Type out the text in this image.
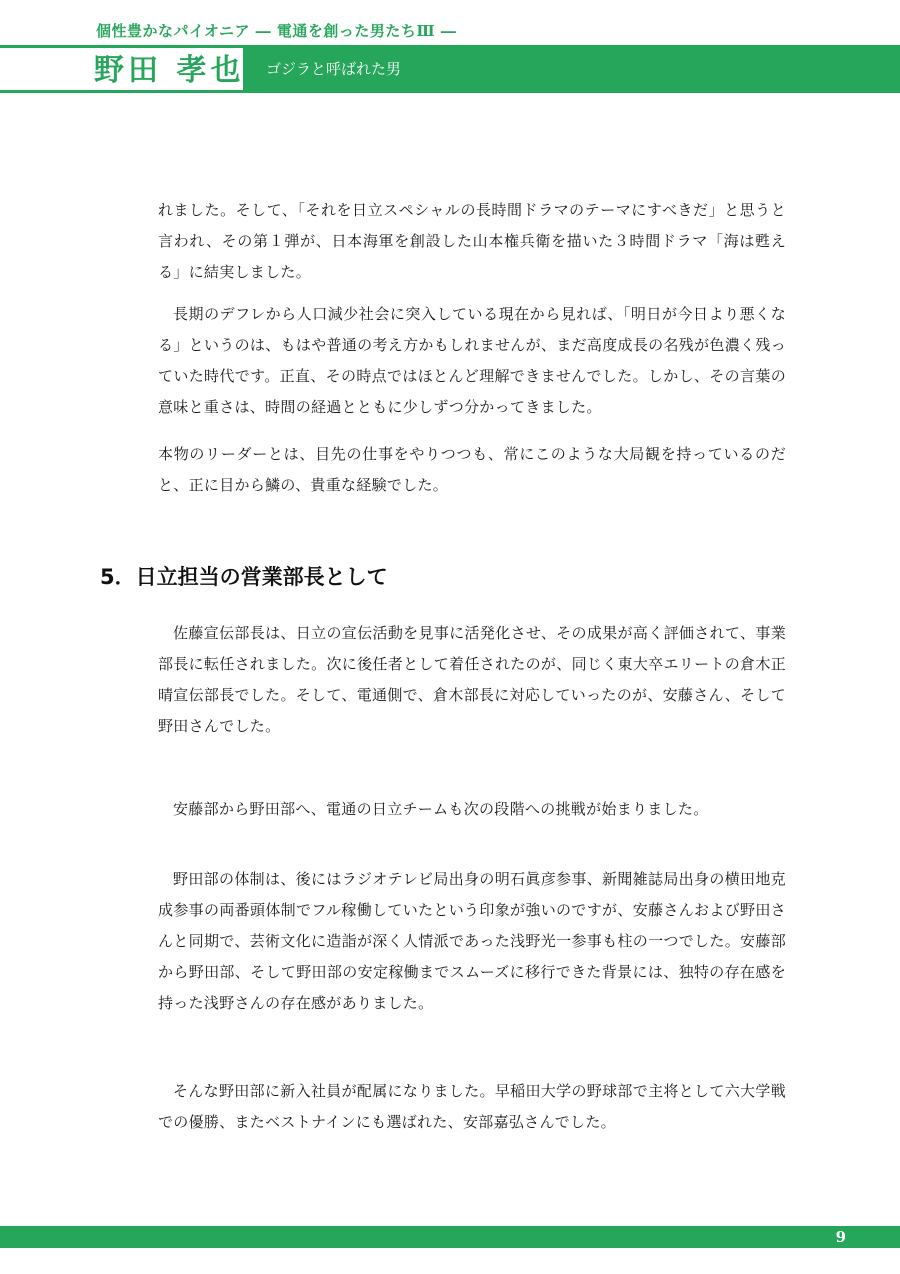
個性豊かなパイオニア ― 電通を創った男たちⅢ ―
野田 孝也 ゴジラと呼ばれた男

れました。そして、「それを日立スペシャルの長時間ドラマのテーマにすべきだ」と思うと言われ、その第１弾が、日本海軍を創設した山本権兵衛を描いた３時間ドラマ「海は甦える」に結実しました。

長期のデフレから人口減少社会に突入している現在から見れば、「明日が今日より悪くなる」というのは、もはや普通の考え方かもしれませんが、まだ高度成長の名残が色濃く残っていた時代です。正直、その時点ではほとんど理解できませんでした。しかし、その言葉の意味と重さは、時間の経過とともに少しずつ分かってきました。

本物のリーダーとは、目先の仕事をやりつつも、常にこのような大局観を持っているのだと、正に目から鱗の、貴重な経験でした。

5．日立担当の営業部長として

佐藤宣伝部長は、日立の宣伝活動を見事に活発化させ、その成果が高く評価されて、事業部長に転任されました。次に後任者として着任されたのが、同じく東大卒エリートの倉木正晴宣伝部長でした。そして、電通側で、倉木部長に対応していったのが、安藤さん、そして野田さんでした。

安藤部から野田部へ、電通の日立チームも次の段階への挑戦が始まりました。

野田部の体制は、後にはラジオテレビ局出身の明石眞彦参事、新聞雑誌局出身の横田地克成参事の両番頭体制でフル稼働していたという印象が強いのですが、安藤さんおよび野田さんと同期で、芸術文化に造詣が深く人情派であった浅野光一参事も柱の一つでした。安藤部から野田部、そして野田部の安定稼働までスムーズに移行できた背景には、独特の存在感を持った浅野さんの存在感がありました。

そんな野田部に新入社員が配属になりました。早稲田大学の野球部で主将として六大学戦での優勝、またベストナインにも選ばれた、安部嘉弘さんでした。

9
